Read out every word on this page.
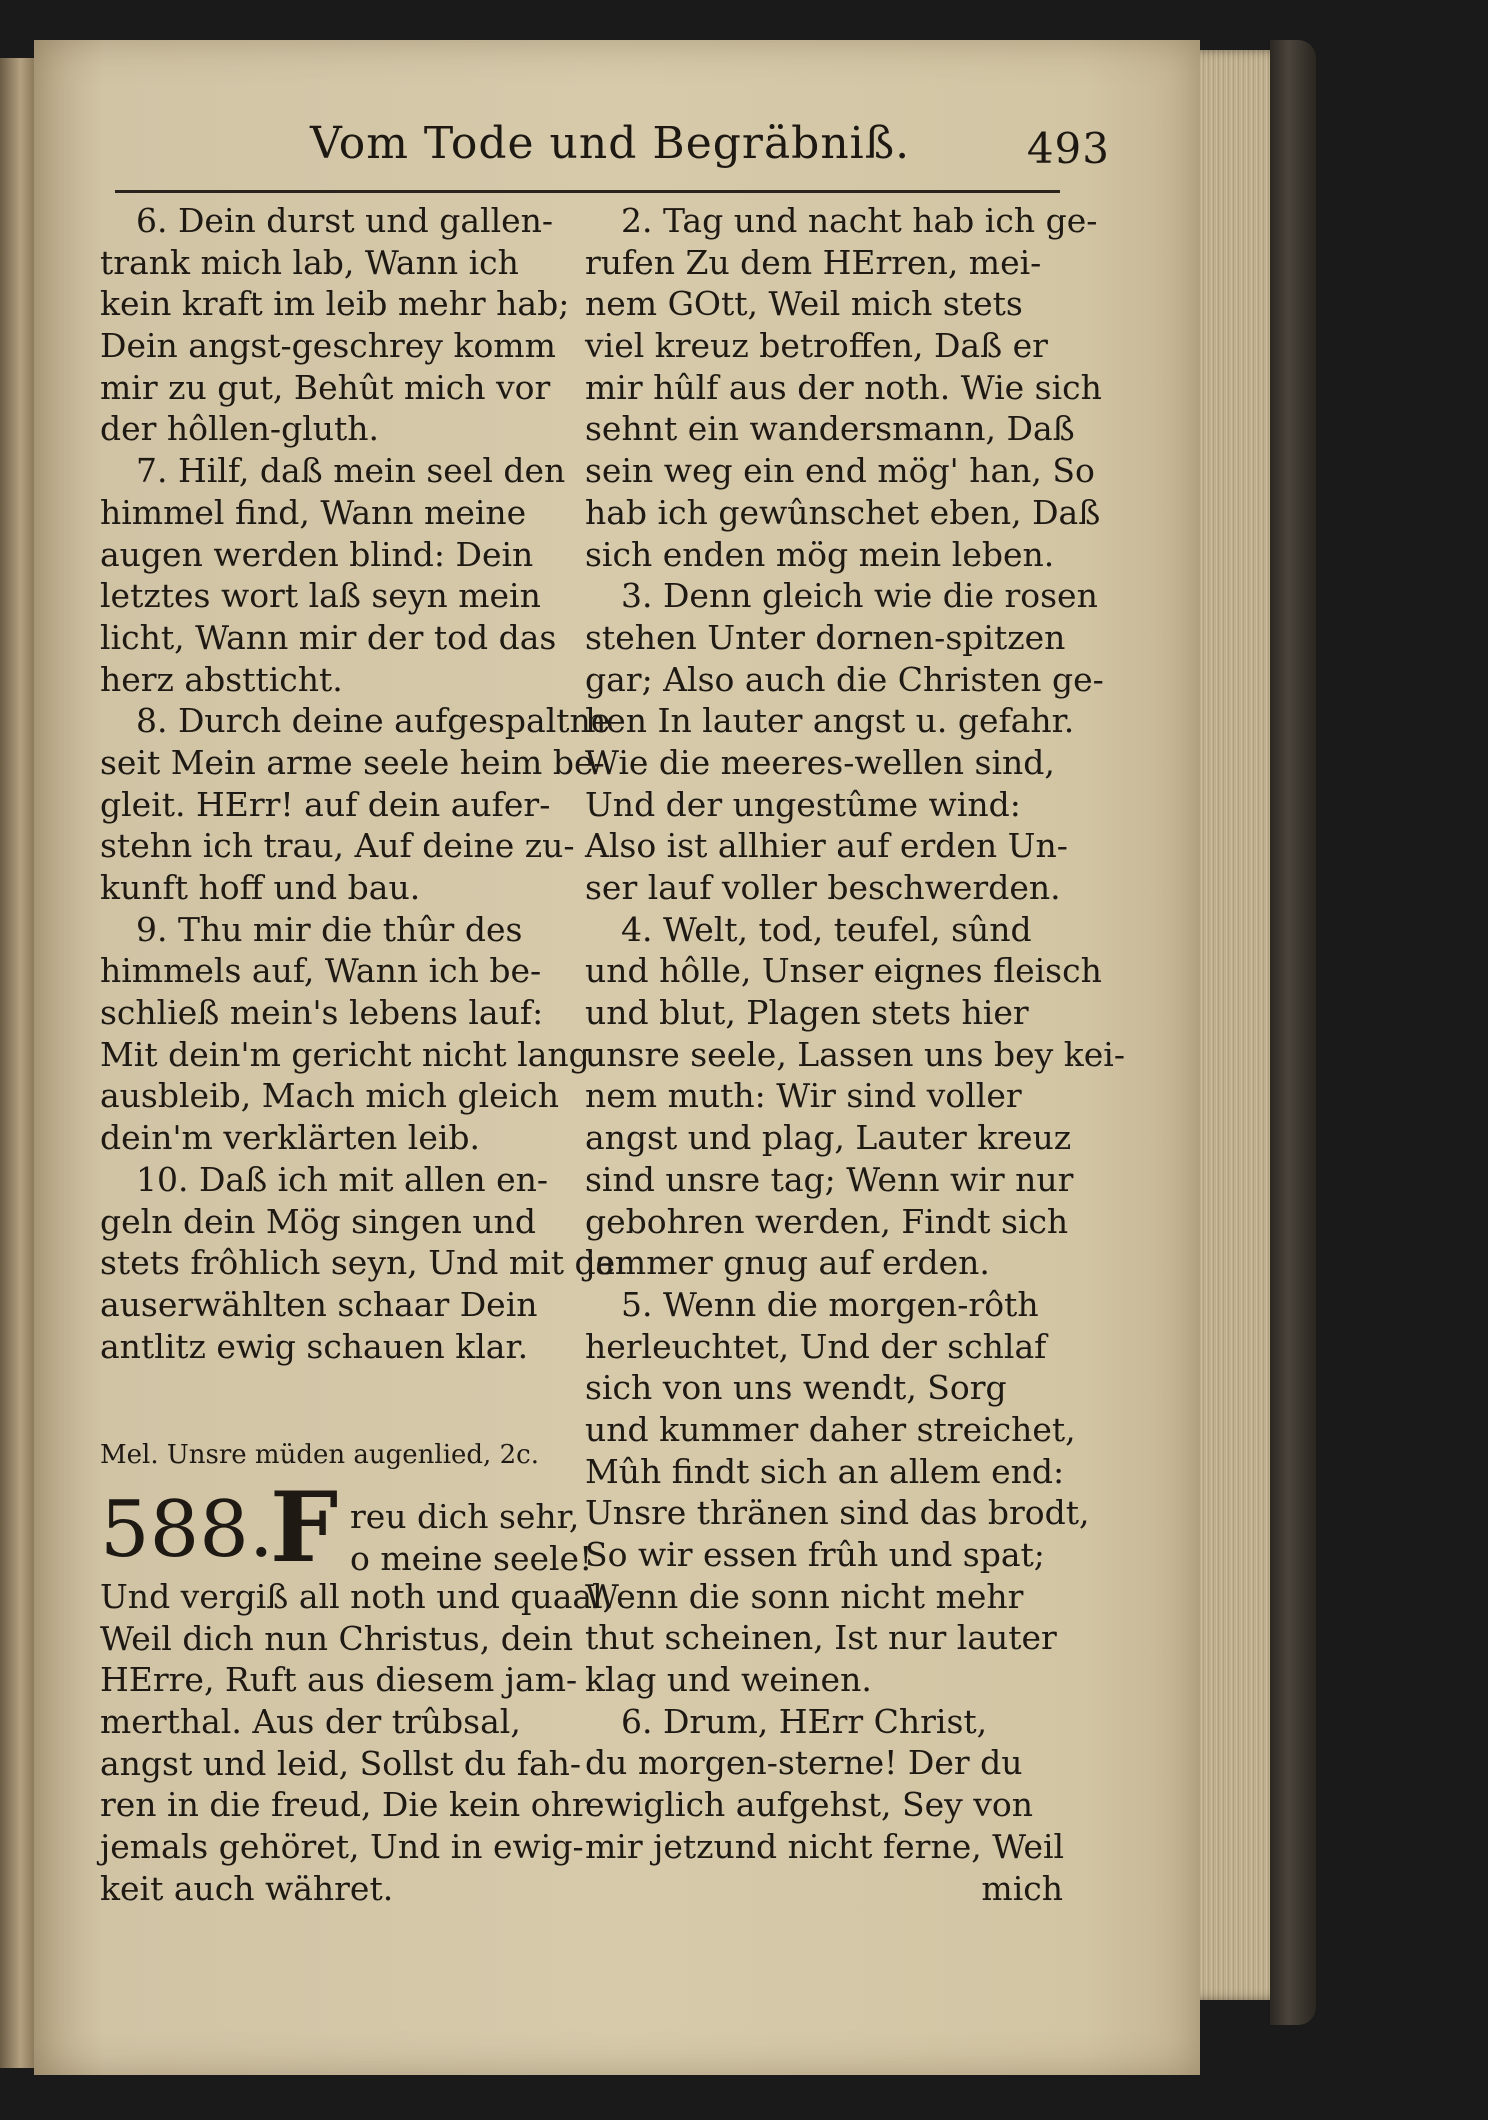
Vom Tode und Begräbniß.	493
6. Dein durst und gallen-
trank mich lab, Wann ich
kein kraft im leib mehr hab;
Dein angst-geschrey komm
mir zu gut, Behût mich vor
der hôllen-gluth.
7. Hilf, daß mein seel den
himmel find, Wann meine
augen werden blind: Dein
letztes wort laß seyn mein
licht, Wann mir der tod das
herz abstticht.
8. Durch deine aufgespaltne
seit Mein arme seele heim be-
gleit. HErr! auf dein aufer-
stehn ich trau, Auf deine zu-
kunft hoff und bau.
9. Thu mir die thûr des
himmels auf, Wann ich be-
schließ mein's lebens lauf:
Mit dein'm gericht nicht lang
ausbleib, Mach mich gleich
dein'm verklärten leib.
10. Daß ich mit allen en-
geln dein Mög singen und
stets frôhlich seyn, Und mit der
auserwählten schaar Dein
antlitz ewig schauen klar.
Mel. Unsre müden augenlied, 2c.
588.
F reu dich sehr,
o meine seele!
Und vergiß all noth und quaal,
Weil dich nun Christus, dein
HErre, Ruft aus diesem jam-
merthal. Aus der trûbsal,
angst und leid, Sollst du fah-
ren in die freud, Die kein ohr
jemals gehöret, Und in ewig-
keit auch währet.
2. Tag und nacht hab ich ge-
rufen Zu dem HErren, mei-
nem GOtt, Weil mich stets
viel kreuz betroffen, Daß er
mir hûlf aus der noth. Wie sich
sehnt ein wandersmann, Daß
sein weg ein end mög' han, So
hab ich gewûnschet eben, Daß
sich enden mög mein leben.
3. Denn gleich wie die rosen
stehen Unter dornen-spitzen
gar; Also auch die Christen ge-
hen In lauter angst u. gefahr.
Wie die meeres-wellen sind,
Und der ungestûme wind:
Also ist allhier auf erden Un-
ser lauf voller beschwerden.
4. Welt, tod, teufel, sûnd
und hôlle, Unser eignes fleisch
und blut, Plagen stets hier
unsre seele, Lassen uns bey kei-
nem muth: Wir sind voller
angst und plag, Lauter kreuz
sind unsre tag; Wenn wir nur
gebohren werden, Findt sich
jammer gnug auf erden.
5. Wenn die morgen-rôth
herleuchtet, Und der schlaf
sich von uns wendt, Sorg
und kummer daher streichet,
Mûh findt sich an allem end:
Unsre thränen sind das brodt,
So wir essen frûh und spat;
Wenn die sonn nicht mehr
thut scheinen, Ist nur lauter
klag und weinen.
6. Drum, HErr Christ,
du morgen-sterne! Der du
ewiglich aufgehst, Sey von
mir jetzund nicht ferne, Weil
mich
